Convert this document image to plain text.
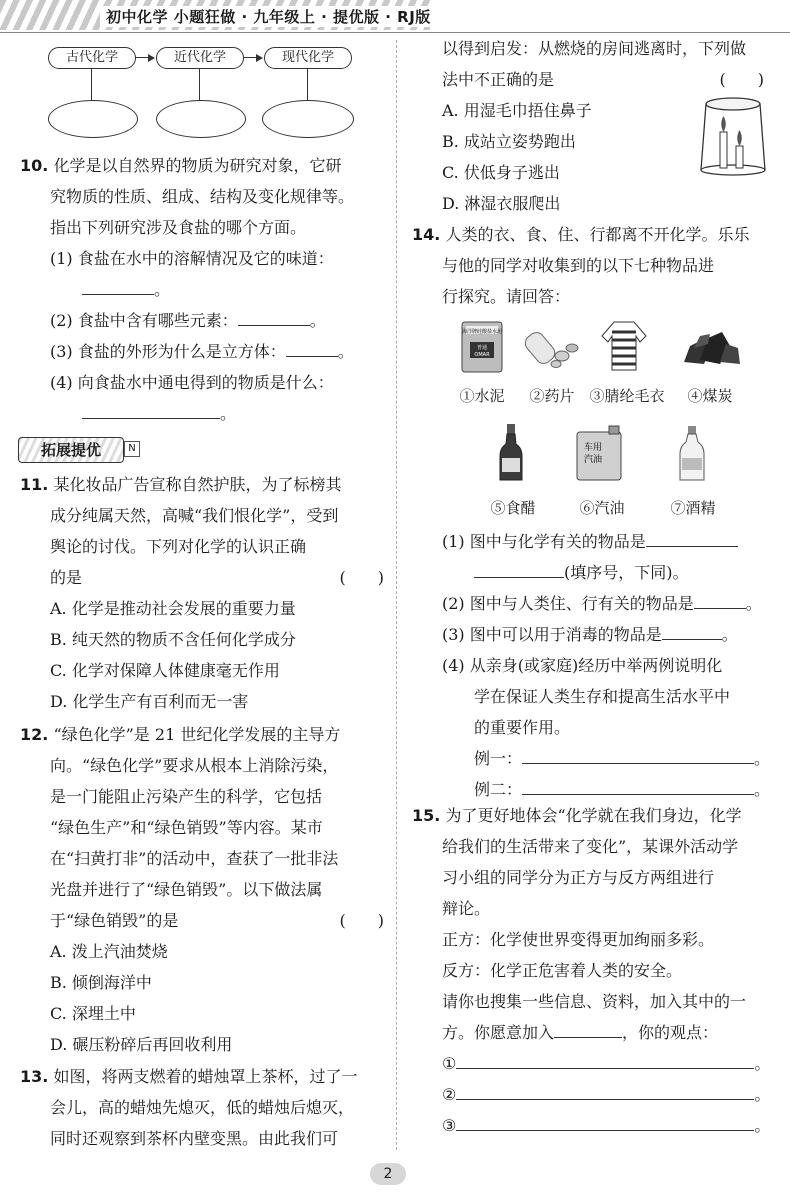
初中化学 小题狂做 · 九年级上 · 提优版 · RJ版
古代化学	近代化学	现代化学
10. 化学是以自然界的物质为研究对象，它研
究物质的性质、组成、结构及变化规律等。
指出下列研究涉及食盐的哪个方面。
(1) 食盐在水中的溶解情况及它的味道：
。
(2) 食盐中含有哪些元素：	。
(3) 食盐的外形为什么是立方体：	。
(4) 向食盐水中通电得到的物质是什么：
。
拓展提优	N
11. 某化妆品广告宣称自然护肤，为了标榜其
成分纯属天然，高喊“我们恨化学”，受到
舆论的讨伐。下列对化学的认识正确
的是	(　　)
A. 化学是推动社会发展的重要力量
B. 纯天然的物质不含任何化学成分
C. 化学对保障人体健康毫无作用
D. 化学生产有百利而无一害
12. “绿色化学”是 21 世纪化学发展的主导方
向。“绿色化学”要求从根本上消除污染，
是一门能阻止污染产生的科学，它包括
“绿色生产”和“绿色销毁”等内容。某市
在“扫黄打非”的活动中，查获了一批非法
光盘并进行了“绿色销毁”。以下做法属
于“绿色销毁”的是	(　　)
A. 泼上汽油焚烧
B. 倾倒海洋中
C. 深埋土中
D. 碾压粉碎后再回收利用
13. 如图，将两支燃着的蜡烛罩上茶杯，过了一
会儿，高的蜡烛先熄灭，低的蜡烛后熄灭，
同时还观察到茶杯内壁变黑。由此我们可
以得到启发：从燃烧的房间逃离时，下列做
法中不正确的是	(　　)
A. 用湿毛巾捂住鼻子
B. 成站立姿势跑出
C. 伏低身子逃出
D. 淋湿衣服爬出
14. 人类的衣、食、住、行都离不开化学。乐乐
与他的同学对收集到的以下七种物品进
行探究。请回答：
海洋牌硅酸盐水泥
普通
OMAR
①水泥	②药片 ③腈纶毛衣	④煤炭
车用
汽油
⑤食醋	⑥汽油	⑦酒精
(1) 图中与化学有关的物品是
(填序号，下同)。
(2) 图中与人类住、行有关的物品是	。
(3) 图中可以用于消毒的物品是	。
(4) 从亲身(或家庭)经历中举两例说明化
学在保证人类生存和提高生活水平中
的重要作用。
例一：	。
例二：	。
15. 为了更好地体会“化学就在我们身边，化学
给我们的生活带来了变化”，某课外活动学
习小组的同学分为正方与反方两组进行
辩论。
正方：化学使世界变得更加绚丽多彩。
反方：化学正危害着人类的安全。
请你也搜集一些信息、资料，加入其中的一
方。你愿意加入	，你的观点：
①	。
②	。
③	。
2
